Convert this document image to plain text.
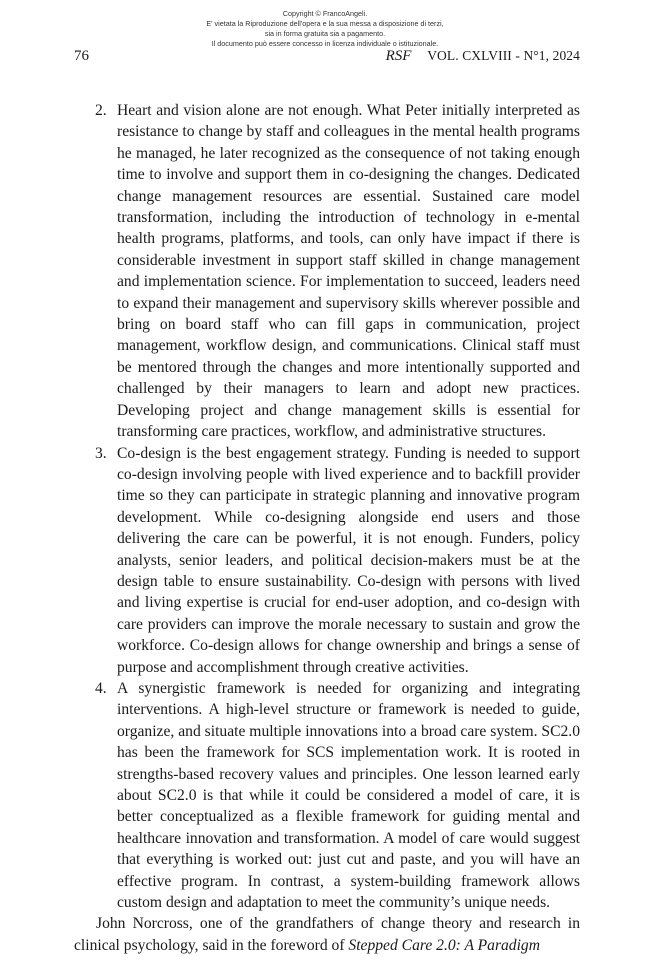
Copyright © FrancoAngeli.
E' vietata la Riproduzione dell'opera e la sua messa a disposizione di terzi,
sia in forma gratuita sia a pagamento.
Il documento può essere concesso in licenza individuale o istituzionale.
76	RSF VOL. CXLVIII - N°1, 2024
2. Heart and vision alone are not enough. What Peter initially interpreted as resistance to change by staff and colleagues in the mental health programs he managed, he later recognized as the consequence of not taking enough time to involve and support them in co-designing the changes. Dedicated change management resources are essential. Sustained care model transformation, including the introduction of technology in e-mental health programs, platforms, and tools, can only have impact if there is considerable investment in support staff skilled in change management and implementation science. For implementation to succeed, leaders need to expand their management and supervisory skills wherever possible and bring on board staff who can fill gaps in communication, project management, workflow design, and communications. Clinical staff must be mentored through the changes and more intentionally supported and challenged by their managers to learn and adopt new practices. Developing project and change management skills is essential for transforming care practices, workflow, and administrative structures.
3. Co-design is the best engagement strategy. Funding is needed to support co-design involving people with lived experience and to backfill provider time so they can participate in strategic planning and innovative program development. While co-designing alongside end users and those delivering the care can be powerful, it is not enough. Funders, policy analysts, senior leaders, and political decision-makers must be at the design table to ensure sustainability. Co-design with persons with lived and living expertise is crucial for end-user adoption, and co-design with care providers can improve the morale necessary to sustain and grow the workforce. Co-design allows for change ownership and brings a sense of purpose and accomplishment through creative activities.
4. A synergistic framework is needed for organizing and integrating interventions. A high-level structure or framework is needed to guide, organize, and situate multiple innovations into a broad care system. SC2.0 has been the framework for SCS implementation work. It is rooted in strengths-based recovery values and principles. One lesson learned early about SC2.0 is that while it could be considered a model of care, it is better conceptualized as a flexible framework for guiding mental and healthcare innovation and transformation. A model of care would suggest that everything is worked out: just cut and paste, and you will have an effective program. In contrast, a system-building framework allows custom design and adaptation to meet the community’s unique needs.

John Norcross, one of the grandfathers of change theory and research in clinical psychology, said in the foreword of Stepped Care 2.0: A Paradigm
